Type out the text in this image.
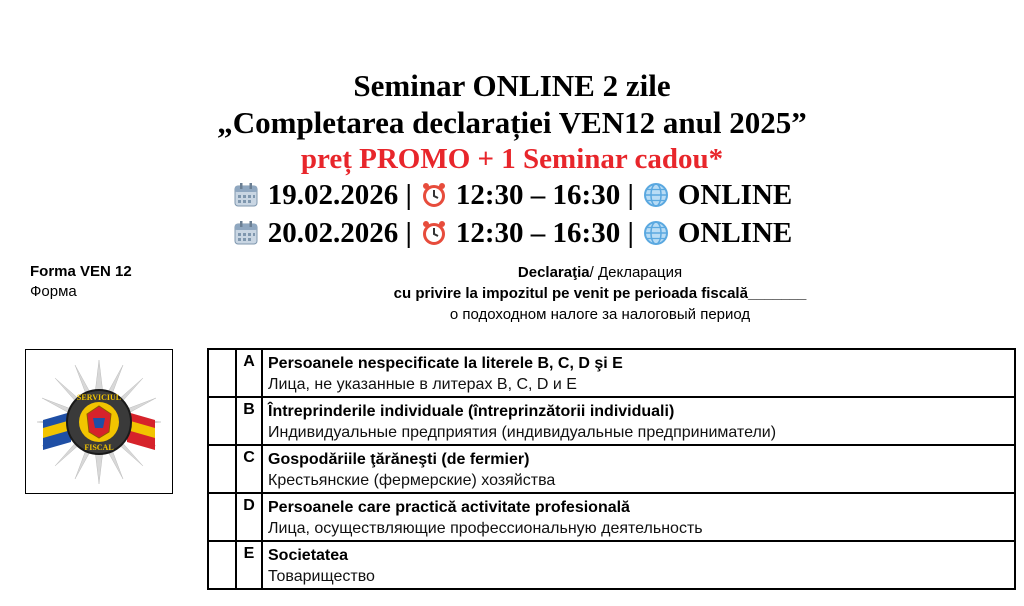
Seminar ONLINE 2 zile
„Completarea declarației VEN12 anul 2025”
preț PROMO + 1 Seminar cadou*
19.02.2026 | 12:30 – 16:30 | ONLINE
20.02.2026 | 12:30 – 16:30 | ONLINE
Forma VEN 12
Форма
Declaraţia/ Декларация
cu privire la impozitul pe venit pe perioada fiscală_______
о подоходном налоге за налоговый период
SERVICIUL
FISCAL
	A	Persoanele nespecificate la literele B, C, D şi E
Лица, не указанные в литерах B, C, D и E

	B	Întreprinderile individuale (întreprinzătorii individuali)
Индивидуальные предприятия (индивидуальные предприниматели)

	C	Gospodăriile ţărăneşti (de fermier)
Крестьянские (фермерские) хозяйства

	D	Persoanele care practică activitate profesională
Лица, осуществляющие профессиональную деятельность

	E	Societatea
Товарищество
